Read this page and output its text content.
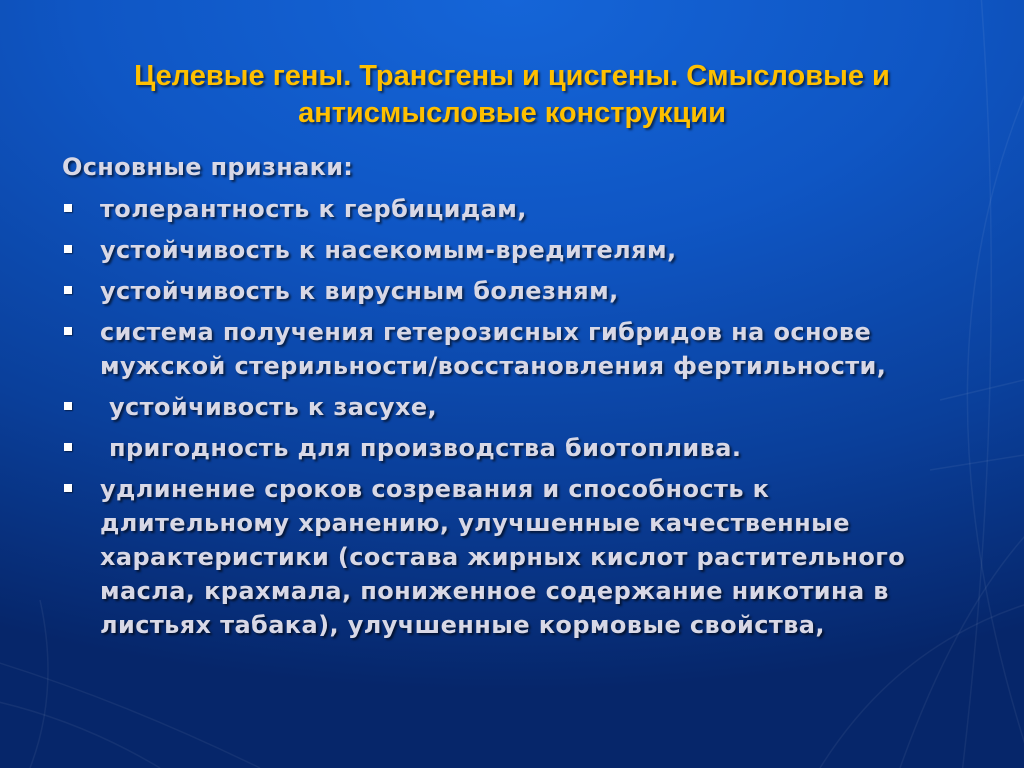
Целевые гены. Трансгены и цисгены. Смысловые и антисмысловые конструкции

Основные признаки:

толерантность к гербицидам,
устойчивость к насекомым-вредителям,
устойчивость к вирусным болезням,
система получения гетерозисных гибридов на основе мужской стерильности/восстановления фертильности,
устойчивость к засухе,
пригодность для производства биотоплива.
удлинение сроков созревания и способность к длительному хранению, улучшенные качественные характеристики (состава жирных кислот растительного масла, крахмала, пониженное содержание никотина в листьях табака), улучшенные кормовые свойства,
